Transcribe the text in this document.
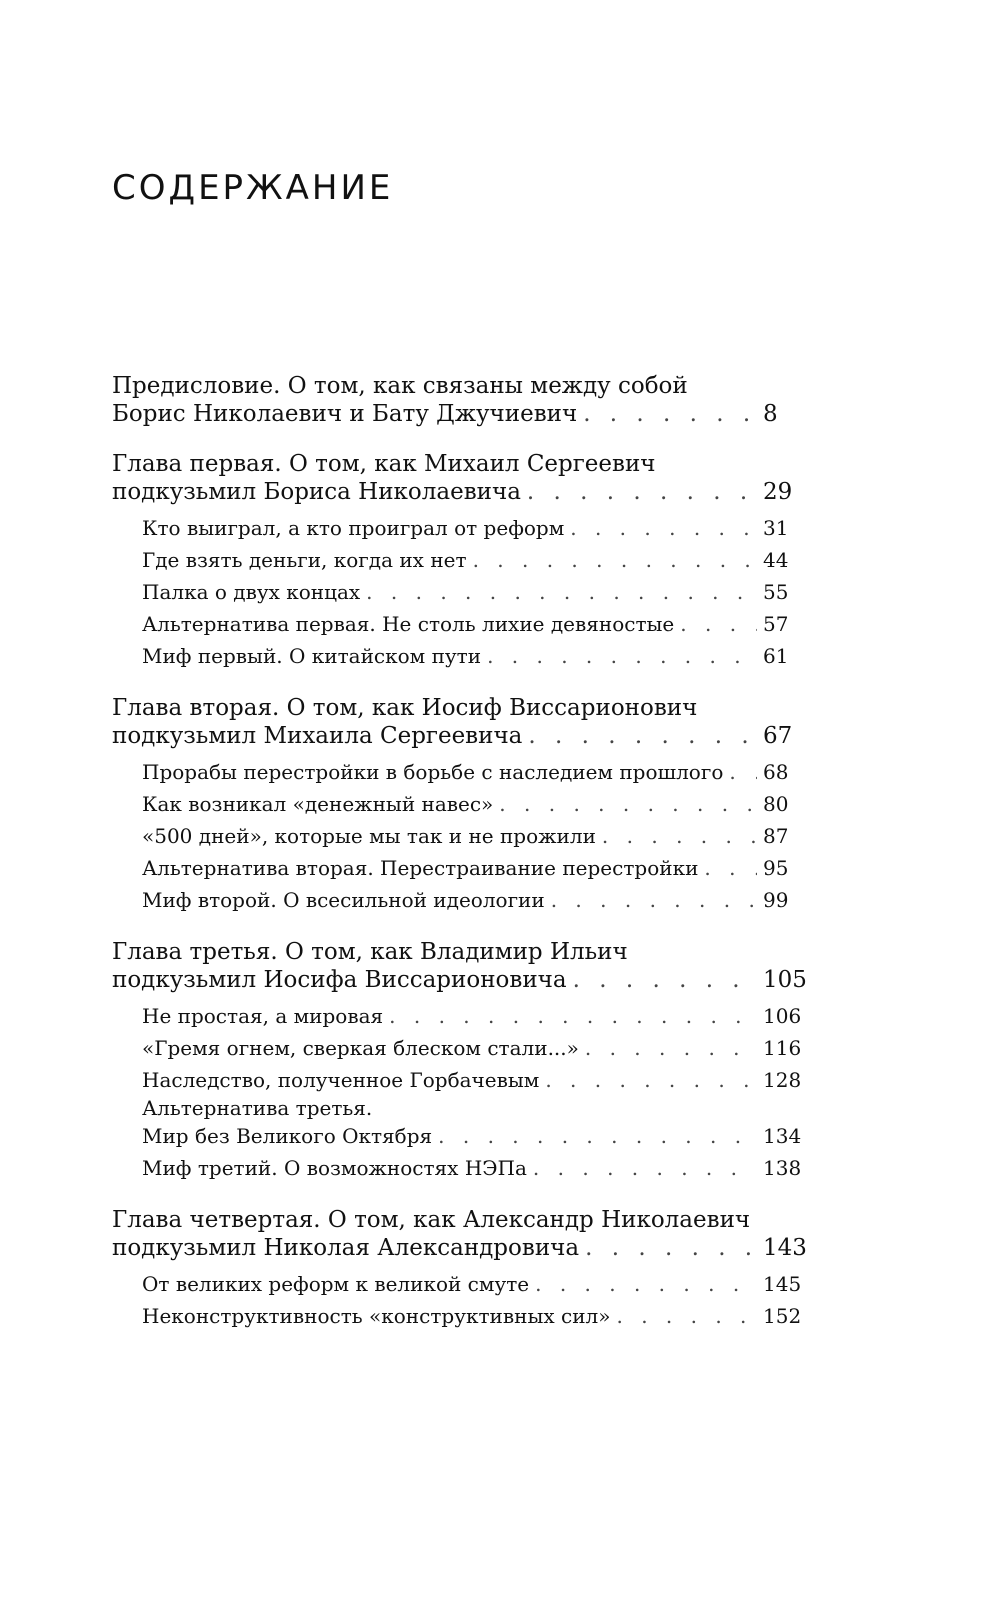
СОДЕРЖАНИЕ
Предисловие. О том, как связаны между собой
Борис Николаевич и Бату Джучиевич . . .	8
Глава первая. О том, как Михаил Сергеевич
подкузьмил Бориса Николаевича . . .	29
Кто выиграл, а кто проиграл от реформ . . .	31
Где взять деньги, когда их нет . . .	44
Палка о двух концах . . .	55
Альтернатива первая. Не столь лихие девяностые . . .	57
Миф первый. О китайском пути . . .	61
Глава вторая. О том, как Иосиф Виссарионович
подкузьмил Михаила Сергеевича . . .	67
Прорабы перестройки в борьбе с наследием прошлого . . . 68
Как возникал «денежный навес» . . .	80
«500 дней», которые мы так и не прожили . . .	87
Альтернатива вторая. Перестраивание перестройки . . .	95
Миф второй. О всесильной идеологии . . .	99
Глава третья. О том, как Владимир Ильич
подкузьмил Иосифа Виссарионовича . . .	105
Не простая, а мировая . . .	106
«Гремя огнем, сверкая блеском стали...» . . .	116
Наследство, полученное Горбачевым . . .	128
Альтернатива третья.
Мир без Великого Октября . . .	134
Миф третий. О возможностях НЭПа . . .	138
Глава четвертая. О том, как Александр Николаевич
подкузьмил Николая Александровича . . .	143
От великих реформ к великой смуте . . .	145
Неконструктивность «конструктивных сил» . . .	152
